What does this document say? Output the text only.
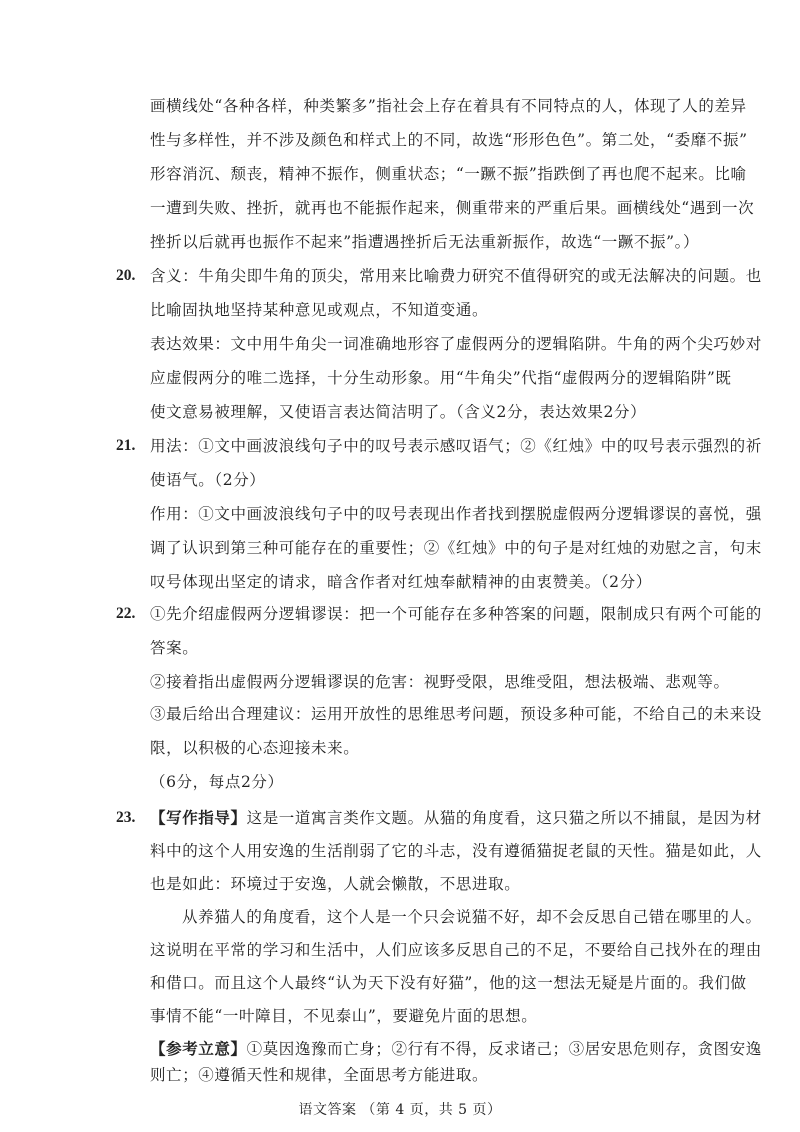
画横线处“各种各样，种类繁多”指社会上存在着具有不同特点的人，体现了人的差异
性与多样性，并不涉及颜色和样式上的不同，故选“形形色色”。第二处，“委靡不振”
形容消沉、颓丧，精神不振作，侧重状态；“一蹶不振”指跌倒了再也爬不起来。比喻
一遭到失败、挫折，就再也不能振作起来，侧重带来的严重后果。画横线处“遇到一次
挫折以后就再也振作不起来”指遭遇挫折后无法重新振作，故选“一蹶不振”。）
20. 含义：牛角尖即牛角的顶尖，常用来比喻费力研究不值得研究的或无法解决的问题。也
比喻固执地坚持某种意见或观点，不知道变通。
表达效果：文中用牛角尖一词准确地形容了虚假两分的逻辑陷阱。牛角的两个尖巧妙对
应虚假两分的唯二选择，十分生动形象。用“牛角尖”代指“虚假两分的逻辑陷阱”既
使文意易被理解，又使语言表达简洁明了。（含义2分，表达效果2分）
21. 用法：①文中画波浪线句子中的叹号表示感叹语气；②《红烛》中的叹号表示强烈的祈
使语气。（2分）
作用：①文中画波浪线句子中的叹号表现出作者找到摆脱虚假两分逻辑谬误的喜悦，强
调了认识到第三种可能存在的重要性；②《红烛》中的句子是对红烛的劝慰之言，句末
叹号体现出坚定的请求，暗含作者对红烛奉献精神的由衷赞美。（2分）
22. ①先介绍虚假两分逻辑谬误：把一个可能存在多种答案的问题，限制成只有两个可能的
答案。
②接着指出虚假两分逻辑谬误的危害：视野受限，思维受阻，想法极端、悲观等。
③最后给出合理建议：运用开放性的思维思考问题，预设多种可能，不给自己的未来设
限，以积极的心态迎接未来。
23. 【写作指导】这是一道寓言类作文题。从猫的角度看，这只猫之所以不捕鼠，是因为材
料中的这个人用安逸的生活削弱了它的斗志，没有遵循猫捉老鼠的天性。猫是如此，人
也是如此：环境过于安逸，人就会懒散，不思进取。
从养猫人的角度看，这个人是一个只会说猫不好，却不会反思自己错在哪里的人。
这说明在平常的学习和生活中，人们应该多反思自己的不足，不要给自己找外在的理由
和借口。而且这个人最终“认为天下没有好猫”，他的这一想法无疑是片面的。我们做
事情不能“一叶障目，不见泰山”，要避免片面的思想。
【参考立意】①莫因逸豫而亡身；②行有不得，反求诸己；③居安思危则存，贪图安逸
则亡；④遵循天性和规律，全面思考方能进取。
语文答案 （第 4 页，共 5 页）
（6分，每点2分）
